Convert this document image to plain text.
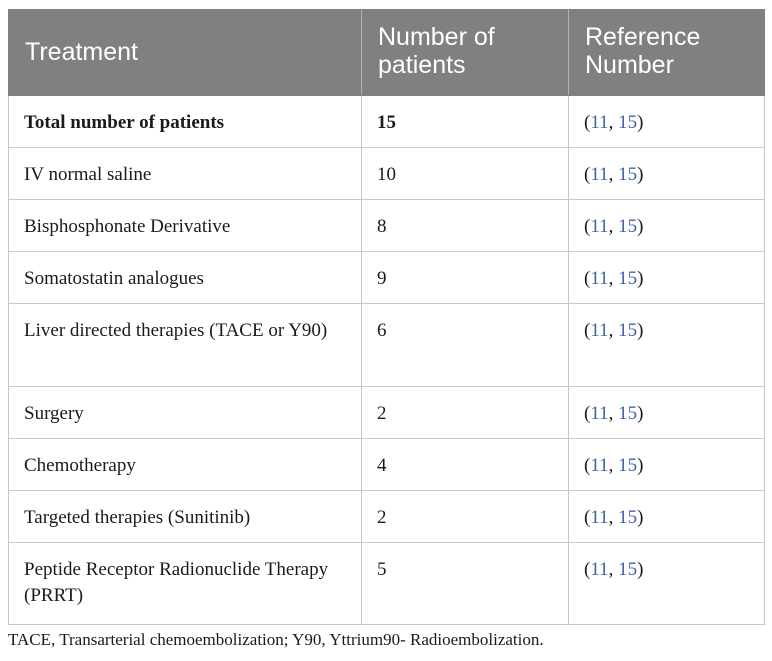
Treatment	Number of patients	Reference Number
Total number of patients	15	(11, 15)
IV normal saline	10	(11, 15)
Bisphosphonate Derivative	8	(11, 15)
Somatostatin analogues	9	(11, 15)
Liver directed therapies (TACE or Y90)	6	(11, 15)
Surgery	2	(11, 15)
Chemotherapy	4	(11, 15)
Targeted therapies (Sunitinib)	2	(11, 15)
Peptide Receptor Radionuclide Therapy (PRRT)	5	(11, 15)

TACE, Transarterial chemoembolization; Y90, Yttrium90- Radioembolization.
